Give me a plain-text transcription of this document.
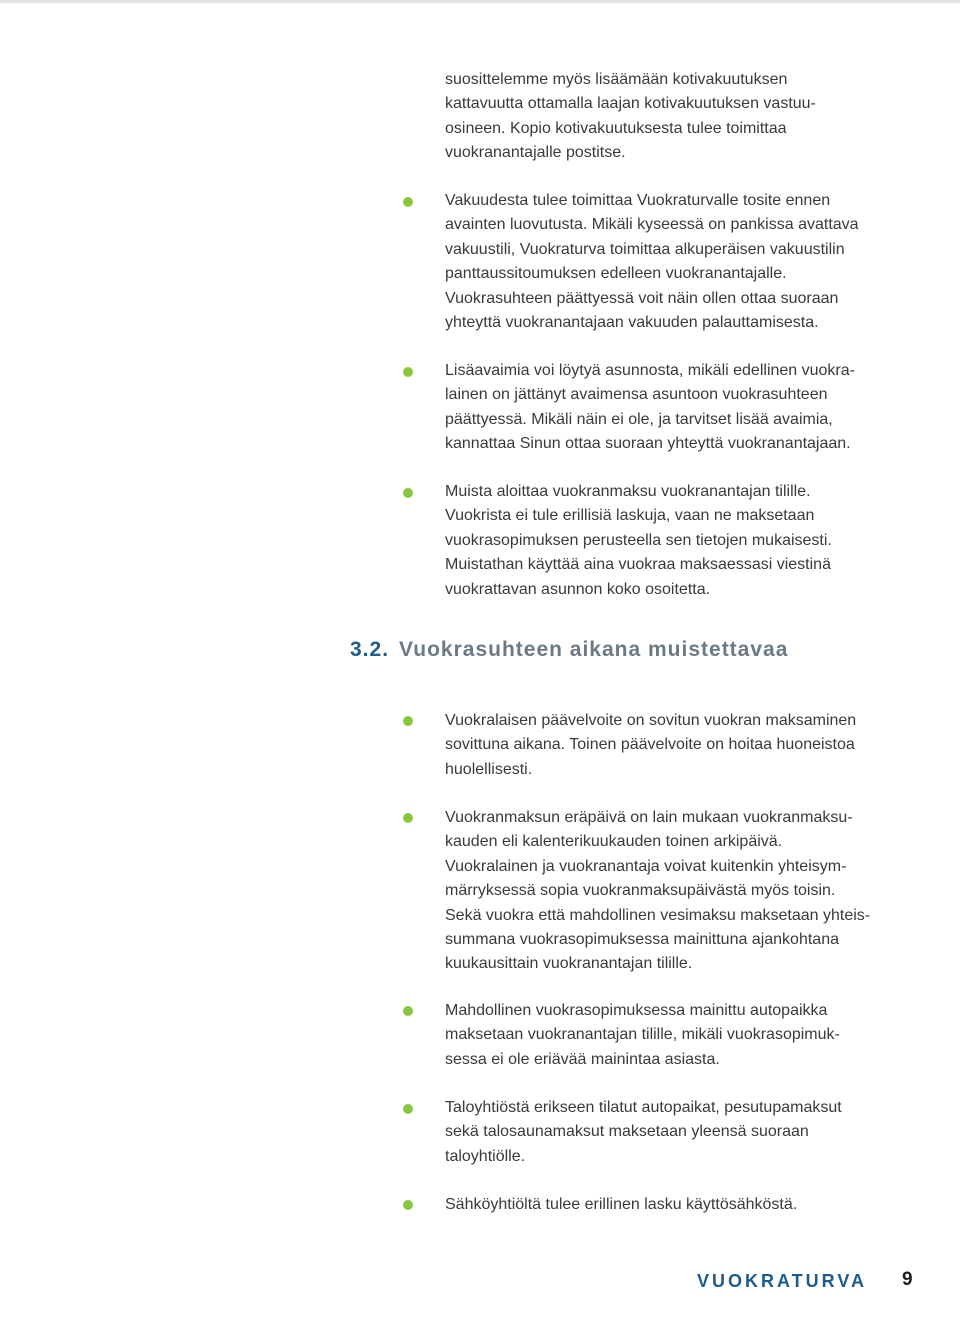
suosittelemme myös lisäämään kotivakuutuksen
kattavuutta ottamalla laajan kotivakuutuksen vastuu-
osineen. Kopio kotivakuutuksesta tulee toimittaa
vuokranantajalle postitse.

Vakuudesta tulee toimittaa Vuokraturvalle tosite ennen
avainten luovutusta. Mikäli kyseessä on pankissa avattava
vakuustili, Vuokraturva toimittaa alkuperäisen vakuustilin
panttaussitoumuksen edelleen vuokranantajalle.
Vuokrasuhteen päättyessä voit näin ollen ottaa suoraan
yhteyttä vuokranantajaan vakuuden palauttamisesta.

Lisäavaimia voi löytyä asunnosta, mikäli edellinen vuokra-
lainen on jättänyt avaimensa asuntoon vuokrasuhteen
päättyessä. Mikäli näin ei ole, ja tarvitset lisää avaimia,
kannattaa Sinun ottaa suoraan yhteyttä vuokranantajaan.

Muista aloittaa vuokranmaksu vuokranantajan tilille.
Vuokrista ei tule erillisiä laskuja, vaan ne maksetaan
vuokrasopimuksen perusteella sen tietojen mukaisesti.
Muistathan käyttää aina vuokraa maksaessasi viestinä
vuokrattavan asunnon koko osoitetta.

3.2. Vuokrasuhteen aikana muistettavaa

Vuokralaisen päävelvoite on sovitun vuokran maksaminen
sovittuna aikana. Toinen päävelvoite on hoitaa huoneistoa
huolellisesti.

Vuokranmaksun eräpäivä on lain mukaan vuokranmaksu-
kauden eli kalenterikuukauden toinen arkipäivä.
Vuokralainen ja vuokranantaja voivat kuitenkin yhteisym-
märryksessä sopia vuokranmaksupäivästä myös toisin.
Sekä vuokra että mahdollinen vesimaksu maksetaan yhteis-
summana vuokrasopimuksessa mainittuna ajankohtana
kuukausittain vuokranantajan tilille.

Mahdollinen vuokrasopimuksessa mainittu autopaikka
maksetaan vuokranantajan tilille, mikäli vuokrasopimuk-
sessa ei ole eriävää mainintaa asiasta.

Taloyhtiöstä erikseen tilatut autopaikat, pesutupamaksut
sekä talosaunamaksut maksetaan yleensä suoraan
taloyhtiölle.

Sähköyhtiöltä tulee erillinen lasku käyttösähköstä.

VUOKRATURVA 9
